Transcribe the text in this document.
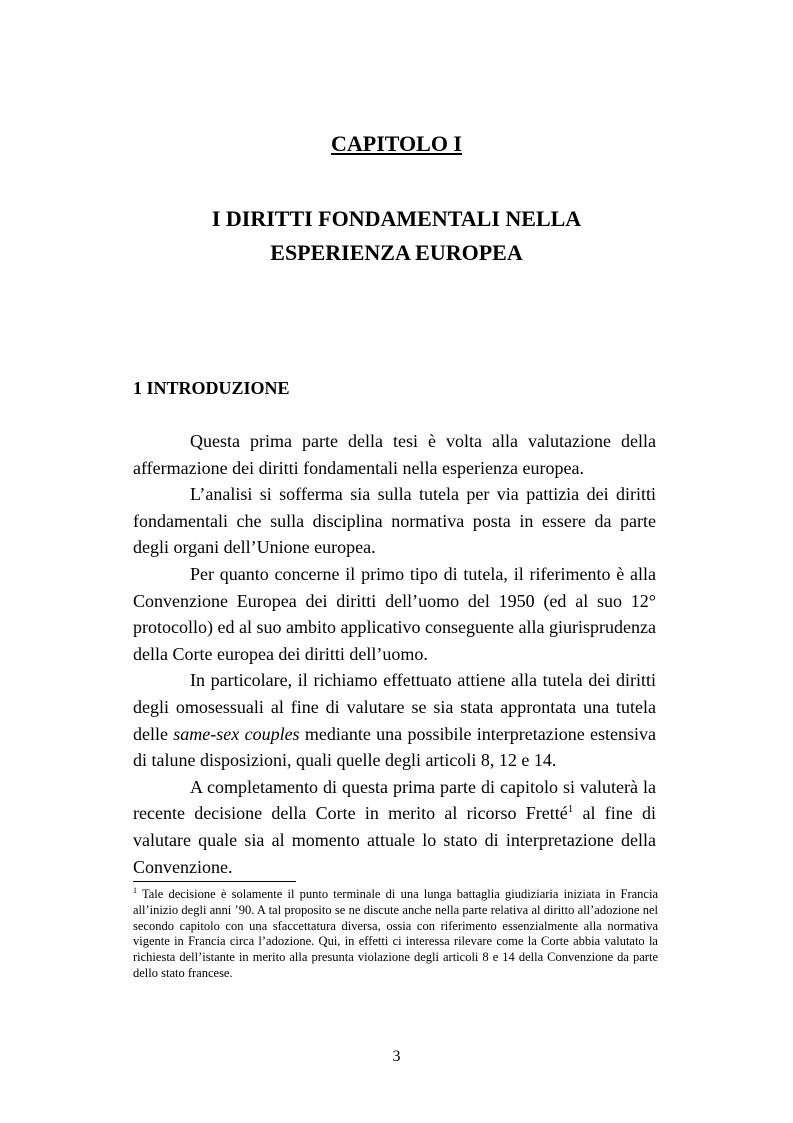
CAPITOLO I
I DIRITTI FONDAMENTALI NELLA
ESPERIENZA EUROPEA
1 INTRODUZIONE

Questa prima parte della tesi è volta alla valutazione della affermazione dei diritti fondamentali nella esperienza europea.

L’analisi si sofferma sia sulla tutela per via pattizia dei diritti fondamentali che sulla disciplina normativa posta in essere da parte degli organi dell’Unione europea.

Per quanto concerne il primo tipo di tutela, il riferimento è alla Convenzione Europea dei diritti dell’uomo del 1950 (ed al suo 12° protocollo) ed al suo ambito applicativo conseguente alla giurisprudenza della Corte europea dei diritti dell’uomo.

In particolare, il richiamo effettuato attiene alla tutela dei diritti degli omosessuali al fine di valutare se sia stata approntata una tutela delle same-sex couples mediante una possibile interpretazione estensiva di talune disposizioni, quali quelle degli articoli 8, 12 e 14.

A completamento di questa prima parte di capitolo si valuterà la recente decisione della Corte in merito al ricorso Fretté$^1$ al fine di valutare quale sia al momento attuale lo stato di interpretazione della Convenzione.

$^1$ Tale decisione è solamente il punto terminale di una lunga battaglia giudiziaria iniziata in Francia all’inizio degli anni ’90. A tal proposito se ne discute anche nella parte relativa al diritto all’adozione nel secondo capitolo con una sfaccettatura diversa, ossia con riferimento essenzialmente alla normativa vigente in Francia circa l’adozione. Qui, in effetti ci interessa rilevare come la Corte abbia valutato la richiesta dell’istante in merito alla presunta violazione degli articoli 8 e 14 della Convenzione da parte dello stato francese.
3
